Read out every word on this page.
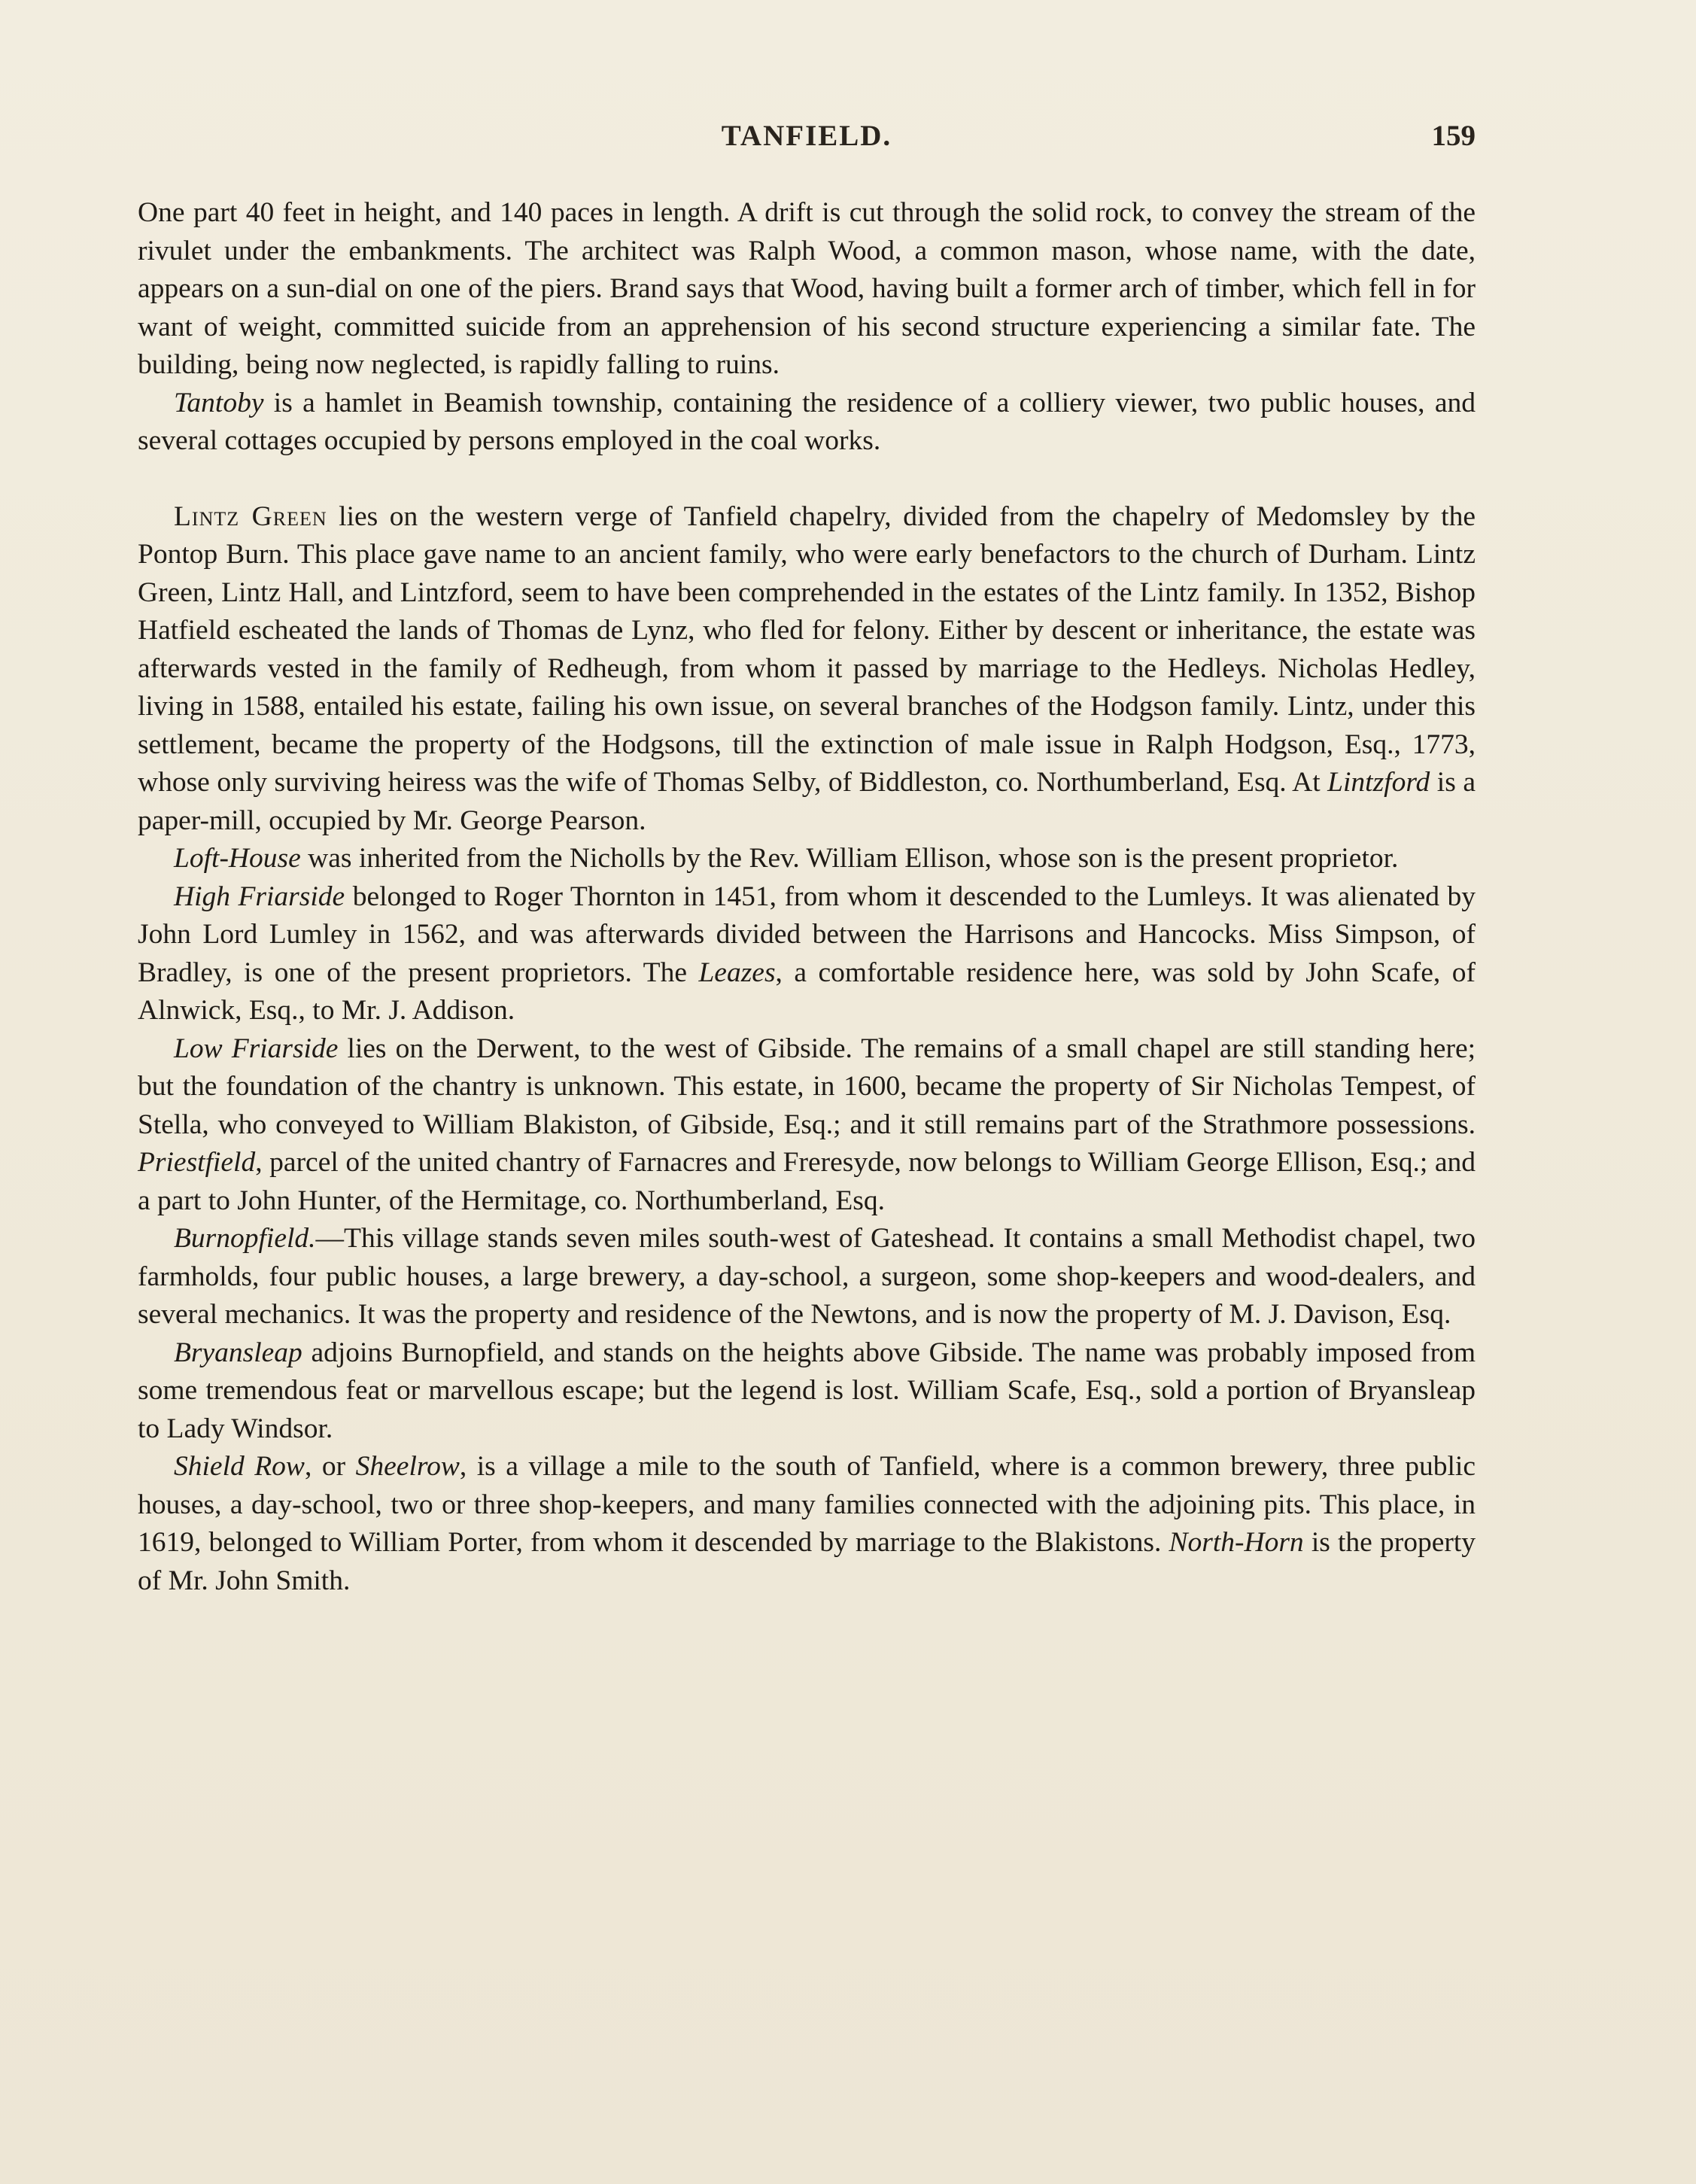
TANFIELD.	159

One part 40 feet in height, and 140 paces in length. A drift is cut through the solid rock, to convey the stream of the rivulet under the embankments. The architect was Ralph Wood, a common mason, whose name, with the date, appears on a sun-dial on one of the piers. Brand says that Wood, having built a former arch of timber, which fell in for want of weight, committed suicide from an apprehension of his second structure experiencing a similar fate. The building, being now neglected, is rapidly falling to ruins.

Tantoby is a hamlet in Beamish township, containing the residence of a colliery viewer, two public houses, and several cottages occupied by persons employed in the coal works.

Lintz Green lies on the western verge of Tanfield chapelry, divided from the chapelry of Medomsley by the Pontop Burn. This place gave name to an ancient family, who were early benefactors to the church of Durham. Lintz Green, Lintz Hall, and Lintzford, seem to have been comprehended in the estates of the Lintz family. In 1352, Bishop Hatfield escheated the lands of Thomas de Lynz, who fled for felony. Either by descent or inheritance, the estate was afterwards vested in the family of Redheugh, from whom it passed by marriage to the Hedleys. Nicholas Hedley, living in 1588, entailed his estate, failing his own issue, on several branches of the Hodgson family. Lintz, under this settlement, became the property of the Hodgsons, till the extinction of male issue in Ralph Hodgson, Esq., 1773, whose only surviving heiress was the wife of Thomas Selby, of Biddleston, co. Northumberland, Esq. At Lintzford is a paper-mill, occupied by Mr. George Pearson.

Loft-House was inherited from the Nicholls by the Rev. William Ellison, whose son is the present proprietor.

High Friarside belonged to Roger Thornton in 1451, from whom it descended to the Lumleys. It was alienated by John Lord Lumley in 1562, and was afterwards divided between the Harrisons and Hancocks. Miss Simpson, of Bradley, is one of the present proprietors. The Leazes, a comfortable residence here, was sold by John Scafe, of Alnwick, Esq., to Mr. J. Addison.

Low Friarside lies on the Derwent, to the west of Gibside. The remains of a small chapel are still standing here; but the foundation of the chantry is unknown. This estate, in 1600, became the property of Sir Nicholas Tempest, of Stella, who conveyed to William Blakiston, of Gibside, Esq.; and it still remains part of the Strathmore possessions. Priestfield, parcel of the united chantry of Farnacres and Freresyde, now belongs to William George Ellison, Esq.; and a part to John Hunter, of the Hermitage, co. Northumberland, Esq.

Burnopfield.—This village stands seven miles south-west of Gateshead. It contains a small Methodist chapel, two farmholds, four public houses, a large brewery, a day-school, a surgeon, some shop-keepers and wood-dealers, and several mechanics. It was the property and residence of the Newtons, and is now the property of M. J. Davison, Esq.

Bryansleap adjoins Burnopfield, and stands on the heights above Gibside. The name was probably imposed from some tremendous feat or marvellous escape; but the legend is lost. William Scafe, Esq., sold a portion of Bryansleap to Lady Windsor.

Shield Row, or Sheelrow, is a village a mile to the south of Tanfield, where is a common brewery, three public houses, a day-school, two or three shop-keepers, and many families connected with the adjoining pits. This place, in 1619, belonged to William Porter, from whom it descended by marriage to the Blakistons. North-Horn is the property of Mr. John Smith.
